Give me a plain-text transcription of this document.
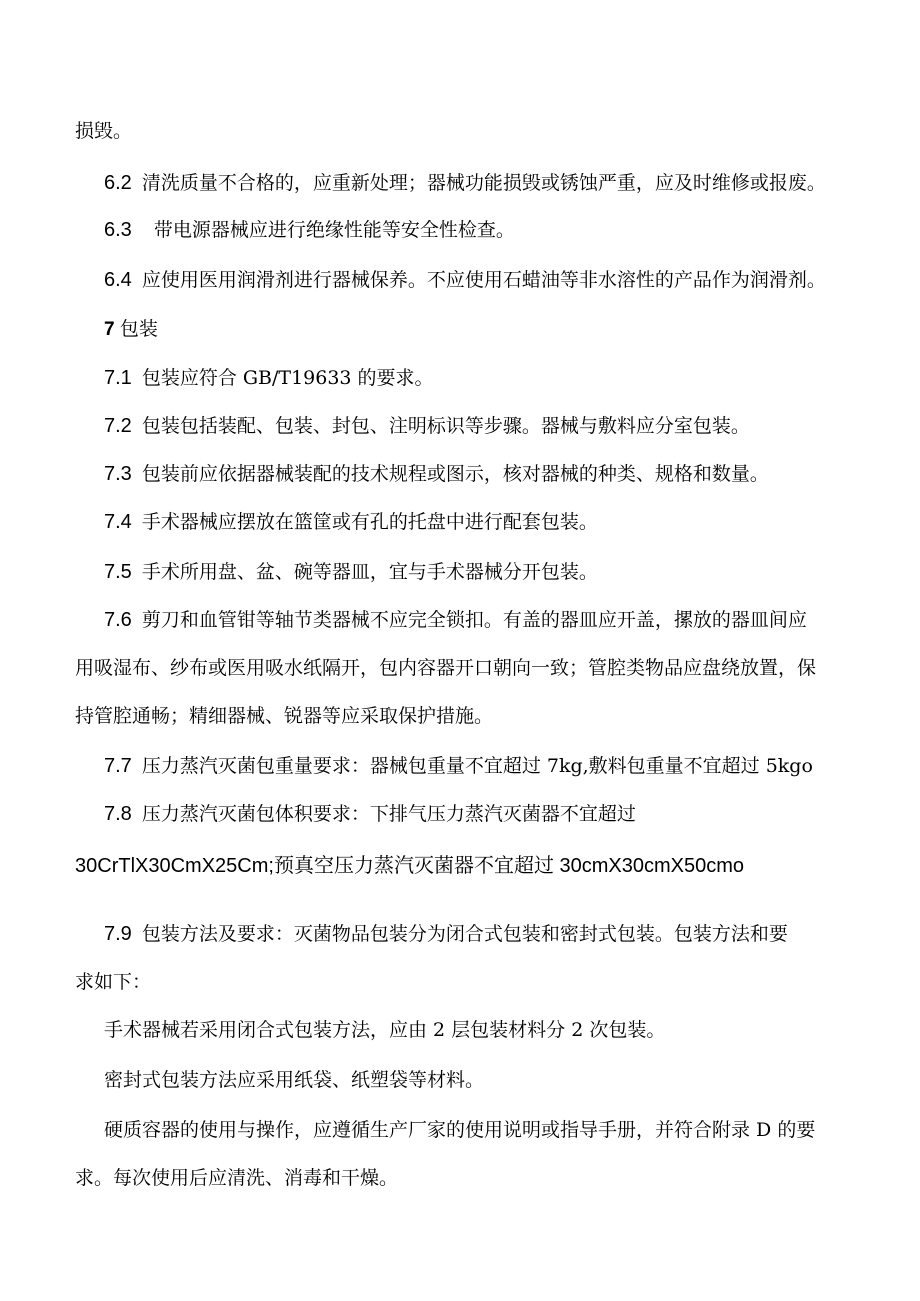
损毁。
6.2 清洗质量不合格的，应重新处理；器械功能损毁或锈蚀严重，应及时维修或报废。
6.3  带电源器械应进行绝缘性能等安全性检查。
6.4 应使用医用润滑剂进行器械保养。不应使用石蜡油等非水溶性的产品作为润滑剂。
7 包装
7.1 包装应符合 GB/T19633 的要求。
7.2 包装包括装配、包装、封包、注明标识等步骤。器械与敷料应分室包装。
7.3 包装前应依据器械装配的技术规程或图示，核对器械的种类、规格和数量。
7.4 手术器械应摆放在篮筐或有孔的托盘中进行配套包装。
7.5 手术所用盘、盆、碗等器皿，宜与手术器械分开包装。
7.6 剪刀和血管钳等轴节类器械不应完全锁扣。有盖的器皿应开盖，摞放的器皿间应
用吸湿布、纱布或医用吸水纸隔开，包内容器开口朝向一致；管腔类物品应盘绕放置，保
持管腔通畅；精细器械、锐器等应采取保护措施。
7.7 压力蒸汽灭菌包重量要求：器械包重量不宜超过 7kg,敷料包重量不宜超过 5kgo
7.8 压力蒸汽灭菌包体积要求：下排气压力蒸汽灭菌器不宜超过
30CrTlX30CmX25Cm;预真空压力蒸汽灭菌器不宜超过 30cmX30cmX50cmo
7.9 包装方法及要求：灭菌物品包装分为闭合式包装和密封式包装。包装方法和要
求如下：
手术器械若采用闭合式包装方法，应由 2 层包装材料分 2 次包装。
密封式包装方法应采用纸袋、纸塑袋等材料。
硬质容器的使用与操作，应遵循生产厂家的使用说明或指导手册，并符合附录 D 的要
求。每次使用后应清洗、消毒和干燥。
